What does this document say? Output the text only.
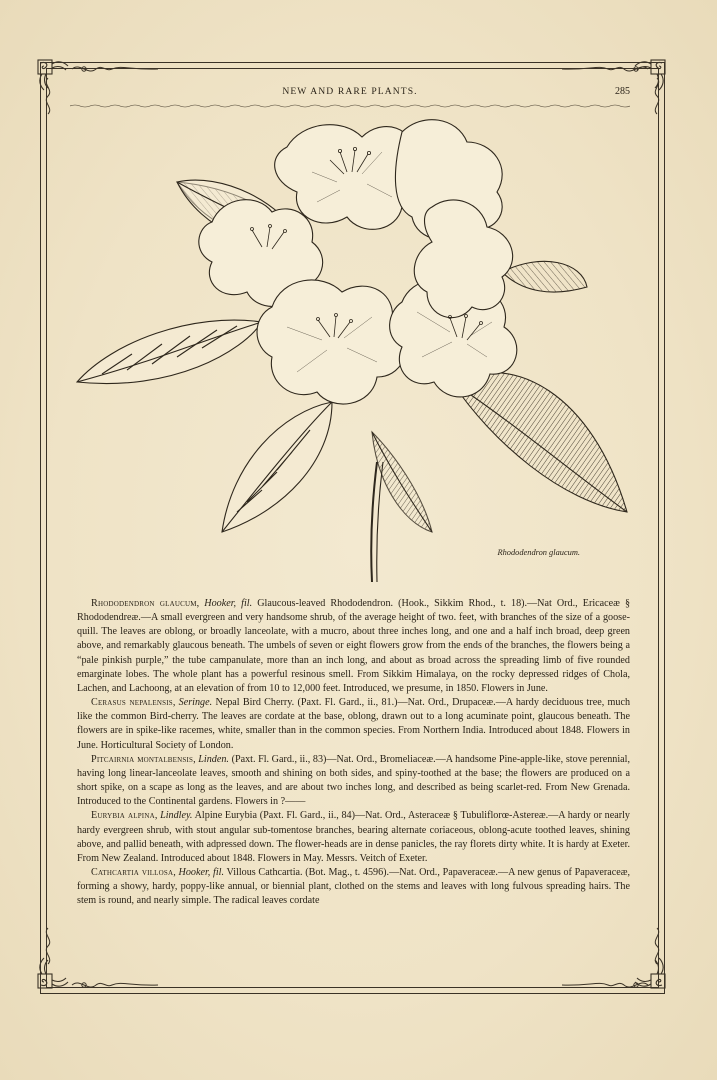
NEW AND RARE PLANTS.	285
Rhododendron glaucum.

Rhododendron glaucum, Hooker, fil. Glaucous-leaved Rhododendron. (Hook., Sikkim Rhod., t. 18).—Nat Ord., Ericaceæ § Rhododendreæ.—A small evergreen and very handsome shrub, of the average height of two. feet, with branches of the size of a goose-quill. The leaves are oblong, or broadly lanceolate, with a mucro, about three inches long, and one and a half inch broad, deep green above, and remarkably glaucous beneath. The umbels of seven or eight flowers grow from the ends of the branches, the flowers being a “pale pinkish purple,” the tube campanulate, more than an inch long, and about as broad across the spreading limb of five rounded emarginate lobes. The whole plant has a powerful resinous smell. From Sikkim Himalaya, on the rocky depressed ridges of Chola, Lachen, and Lachoong, at an elevation of from 10 to 12,000 feet. Introduced, we presume, in 1850. Flowers in June.

Cerasus nepalensis, Seringe. Nepal Bird Cherry. (Paxt. Fl. Gard., ii., 81.)—Nat. Ord., Drupaceæ.—A hardy deciduous tree, much like the common Bird-cherry. The leaves are cordate at the base, oblong, drawn out to a long acuminate point, glaucous beneath. The flowers are in spike-like racemes, white, smaller than in the common species. From Northern India. Introduced about 1848. Flowers in June. Horticultural Society of London.

Pitcairnia montalbensis, Linden. (Paxt. Fl. Gard., ii., 83)—Nat. Ord., Bromeliaceæ.—A handsome Pine-apple-like, stove perennial, having long linear-lanceolate leaves, smooth and shining on both sides, and spiny-toothed at the base; the flowers are produced on a short spike, on a scape as long as the leaves, and are about two inches long, and described as being scarlet-red. From New Grenada. Introduced to the Continental gardens. Flowers in ?——

Eurybia alpina, Lindley. Alpine Eurybia (Paxt. Fl. Gard., ii., 84)—Nat. Ord., Asteraceæ § Tubuliflorœ-Astereæ.—A hardy or nearly hardy evergreen shrub, with stout angular sub-tomentose branches, bearing alternate coriaceous, oblong-acute toothed leaves, shining above, and pallid beneath, with adpressed down. The flower-heads are in dense panicles, the ray florets dirty white. It is hardy at Exeter. From New Zealand. Introduced about 1848. Flowers in May. Messrs. Veitch of Exeter.

Cathcartia villosa, Hooker, fil. Villous Cathcartia. (Bot. Mag., t. 4596).—Nat. Ord., Papaveraceæ.—A new genus of Papaveraceæ, forming a showy, hardy, poppy-like annual, or biennial plant, clothed on the stems and leaves with long fulvous spreading hairs. The stem is round, and nearly simple. The radical leaves cordate
